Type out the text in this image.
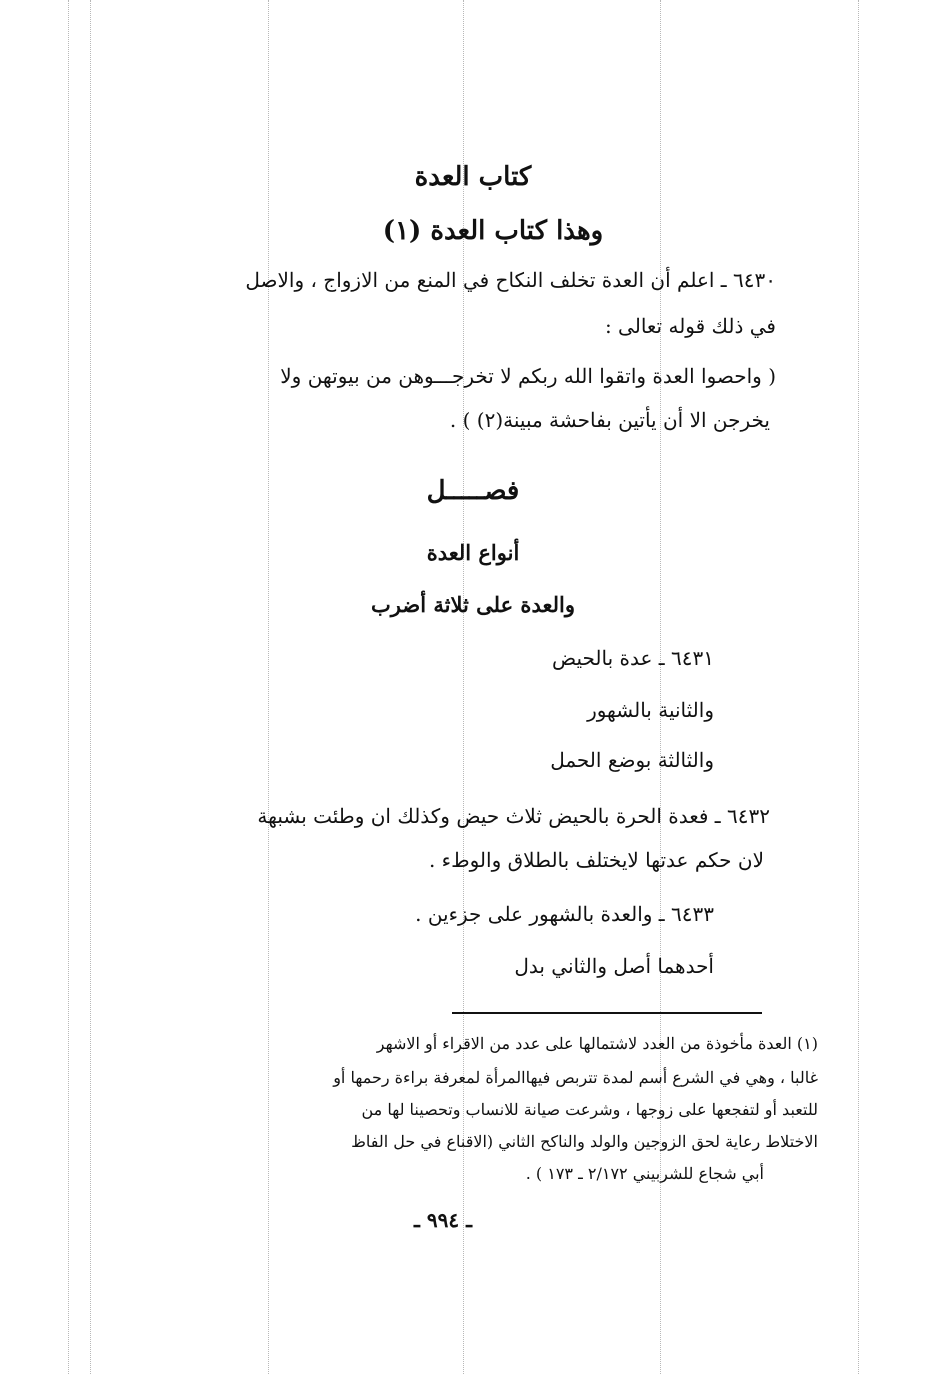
كتاب العدة
وهذا كتاب العدة (١)
٦٤٣٠ ـ اعلم أن العدة تخلف النكاح في المنع من الازواج ، والاصل
في ذلك قوله تعالى :
( واحصوا العدة واتقوا الله ربكم لا تخرجـــوهن من بيوتهن ولا
يخرجن الا أن يأتين بفاحشة مبينة(٢) ) .
فصـــــل
أنواع العدة
والعدة على ثلاثة أضرب
٦٤٣١ ـ عدة بالحيض
والثانية بالشهور
والثالثة بوضع الحمل
٦٤٣٢ ـ فعدة الحرة بالحيض ثلاث حيض وكذلك ان وطئت بشبهة
لان حكم عدتها لايختلف بالطلاق والوطء .
٦٤٣٣ ـ والعدة بالشهور على جزءين .
أحدهما أصل والثاني بدل
(١) العدة مأخوذة من العدد لاشتمالها على عدد من الاقراء أو الاشهر
غالبا ، وهي في الشرع أسم لمدة تتربص فيهاالمرأة لمعرفة براءة رحمها أو
للتعبد أو لتفجعها على زوجها ، وشرعت صيانة للانساب وتحصينا لها من
الاختلاط رعاية لحق الزوجين والولد والناكح الثاني (الاقناع في حل الفاظ
أبي شجاع للشربيني ٢/١٧٢ ـ ١٧٣ ) .
ـ ٩٩٤ ـ
